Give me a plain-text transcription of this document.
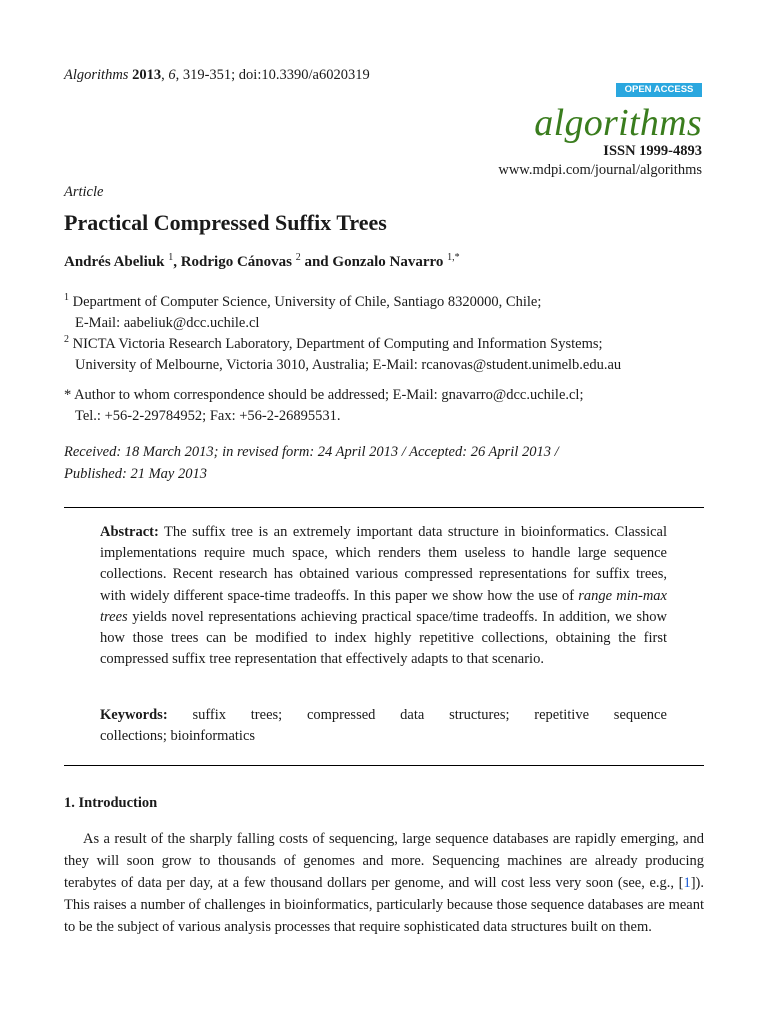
Algorithms 2013, 6, 319-351; doi:10.3390/a6020319
OPEN ACCESS
algorithms
ISSN 1999-4893
www.mdpi.com/journal/algorithms
Article
Practical Compressed Suffix Trees
Andrés Abeliuk $^1$, Rodrigo Cánovas $^2$ and Gonzalo Navarro $^{1,*}$
$^1$ Department of Computer Science, University of Chile, Santiago 8320000, Chile;
E-Mail: aabeliuk@dcc.uchile.cl
$^2$ NICTA Victoria Research Laboratory, Department of Computing and Information Systems;
University of Melbourne, Victoria 3010, Australia; E-Mail: rcanovas@student.unimelb.edu.au
* Author to whom correspondence should be addressed; E-Mail: gnavarro@dcc.uchile.cl;
Tel.: +56-2-29784952; Fax: +56-2-26895531.
Received: 18 March 2013; in revised form: 24 April 2013 / Accepted: 26 April 2013 /
Published: 21 May 2013
Abstract: The suffix tree is an extremely important data structure in bioinformatics. Classical implementations require much space, which renders them useless to handle large sequence collections. Recent research has obtained various compressed representations for suffix trees, with widely different space-time tradeoffs. In this paper we show how the use of range min-max trees yields novel representations achieving practical space/time tradeoffs. In addition, we show how those trees can be modified to index highly repetitive collections, obtaining the first compressed suffix tree representation that effectively adapts to that scenario.
Keywords: suffix trees; compressed data structures; repetitive sequence
collections; bioinformatics
1. Introduction

As a result of the sharply falling costs of sequencing, large sequence databases are rapidly emerging, and they will soon grow to thousands of genomes and more. Sequencing machines are already producing terabytes of data per day, at a few thousand dollars per genome, and will cost less very soon (see, e.g., [1]). This raises a number of challenges in bioinformatics, particularly because those sequence databases are meant to be the subject of various analysis processes that require sophisticated data structures built on them.
